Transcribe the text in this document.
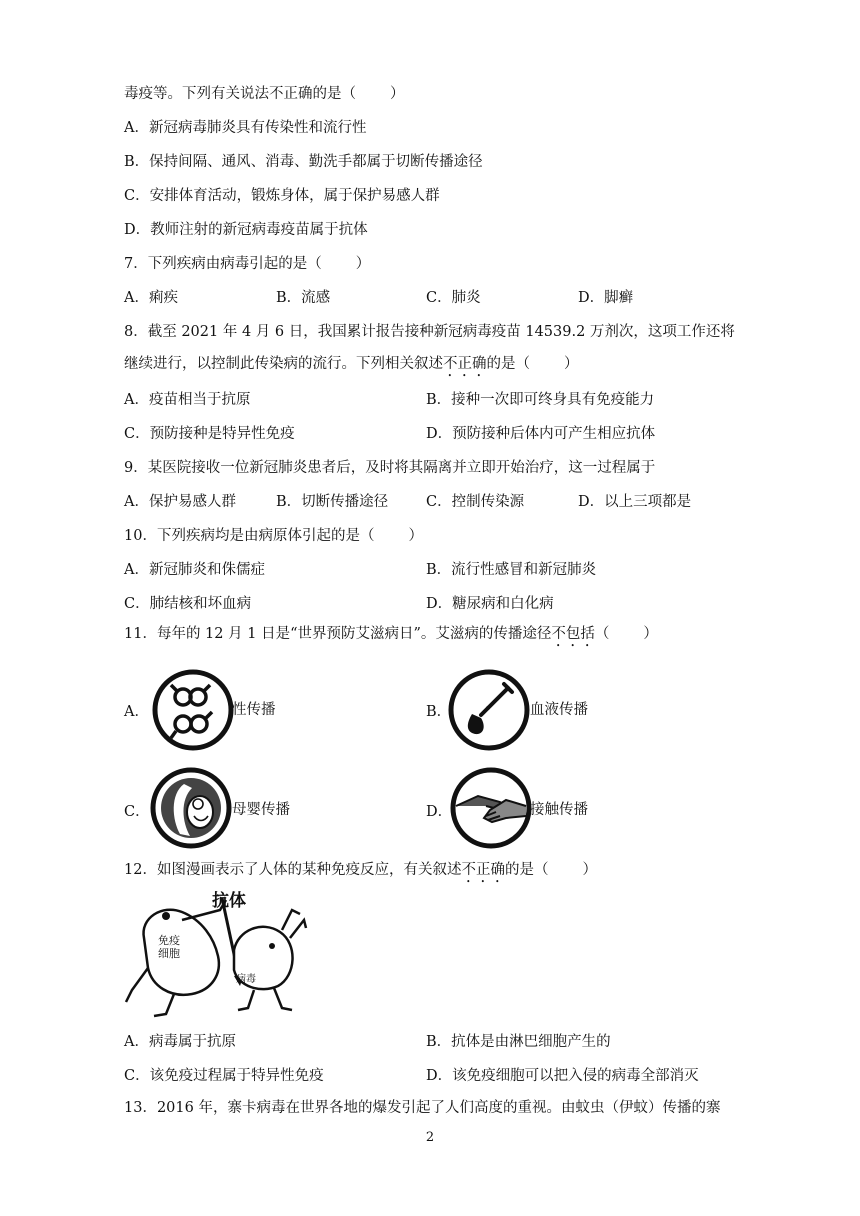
毒疫等。下列有关说法不正确的是（ ）
A．新冠病毒肺炎具有传染性和流行性
B．保持间隔、通风、消毒、勤洗手都属于切断传播途径
C．安排体育活动，锻炼身体，属于保护易感人群
D．教师注射的新冠病毒疫苗属于抗体
7．下列疾病由病毒引起的是（ ）
A．痢疾	B．流感	C．肺炎	D．脚癣
8．截至 2021 年 4 月 6 日，我国累计报告接种新冠病毒疫苗 14539.2 万剂次，这项工作还将
继续进行，以控制此传染病的流行。下列相关叙述不正确的是（ ）
A．疫苗相当于抗原	B．接种一次即可终身具有免疫能力
C．预防接种是特异性免疫	D．预防接种后体内可产生相应抗体
9．某医院接收一位新冠肺炎患者后，及时将其隔离并立即开始治疗，这一过程属于
A．保护易感人群	B．切断传播途径	C．控制传染源	D．以上三项都是
10．下列疾病均是由病原体引起的是（ ）
A．新冠肺炎和侏儒症	B．流行性感冒和新冠肺炎
C．肺结核和坏血病	D．糖尿病和白化病
11．每年的 12 月 1 日是“世界预防艾滋病日”。艾滋病的传播途径不包括（ ）
A．	性传播	B．	血液传播
C．	母婴传播	D．	接触传播
12．如图漫画表示了人体的某种免疫反应，有关叙述不正确的是（ ）
抗体
免疫细胞
病毒
A．病毒属于抗原	B．抗体是由淋巴细胞产生的
C．该免疫过程属于特异性免疫	D．该免疫细胞可以把入侵的病毒全部消灭
13．2016 年，寨卡病毒在世界各地的爆发引起了人们高度的重视。由蚊虫（伊蚊）传播的寨
2
